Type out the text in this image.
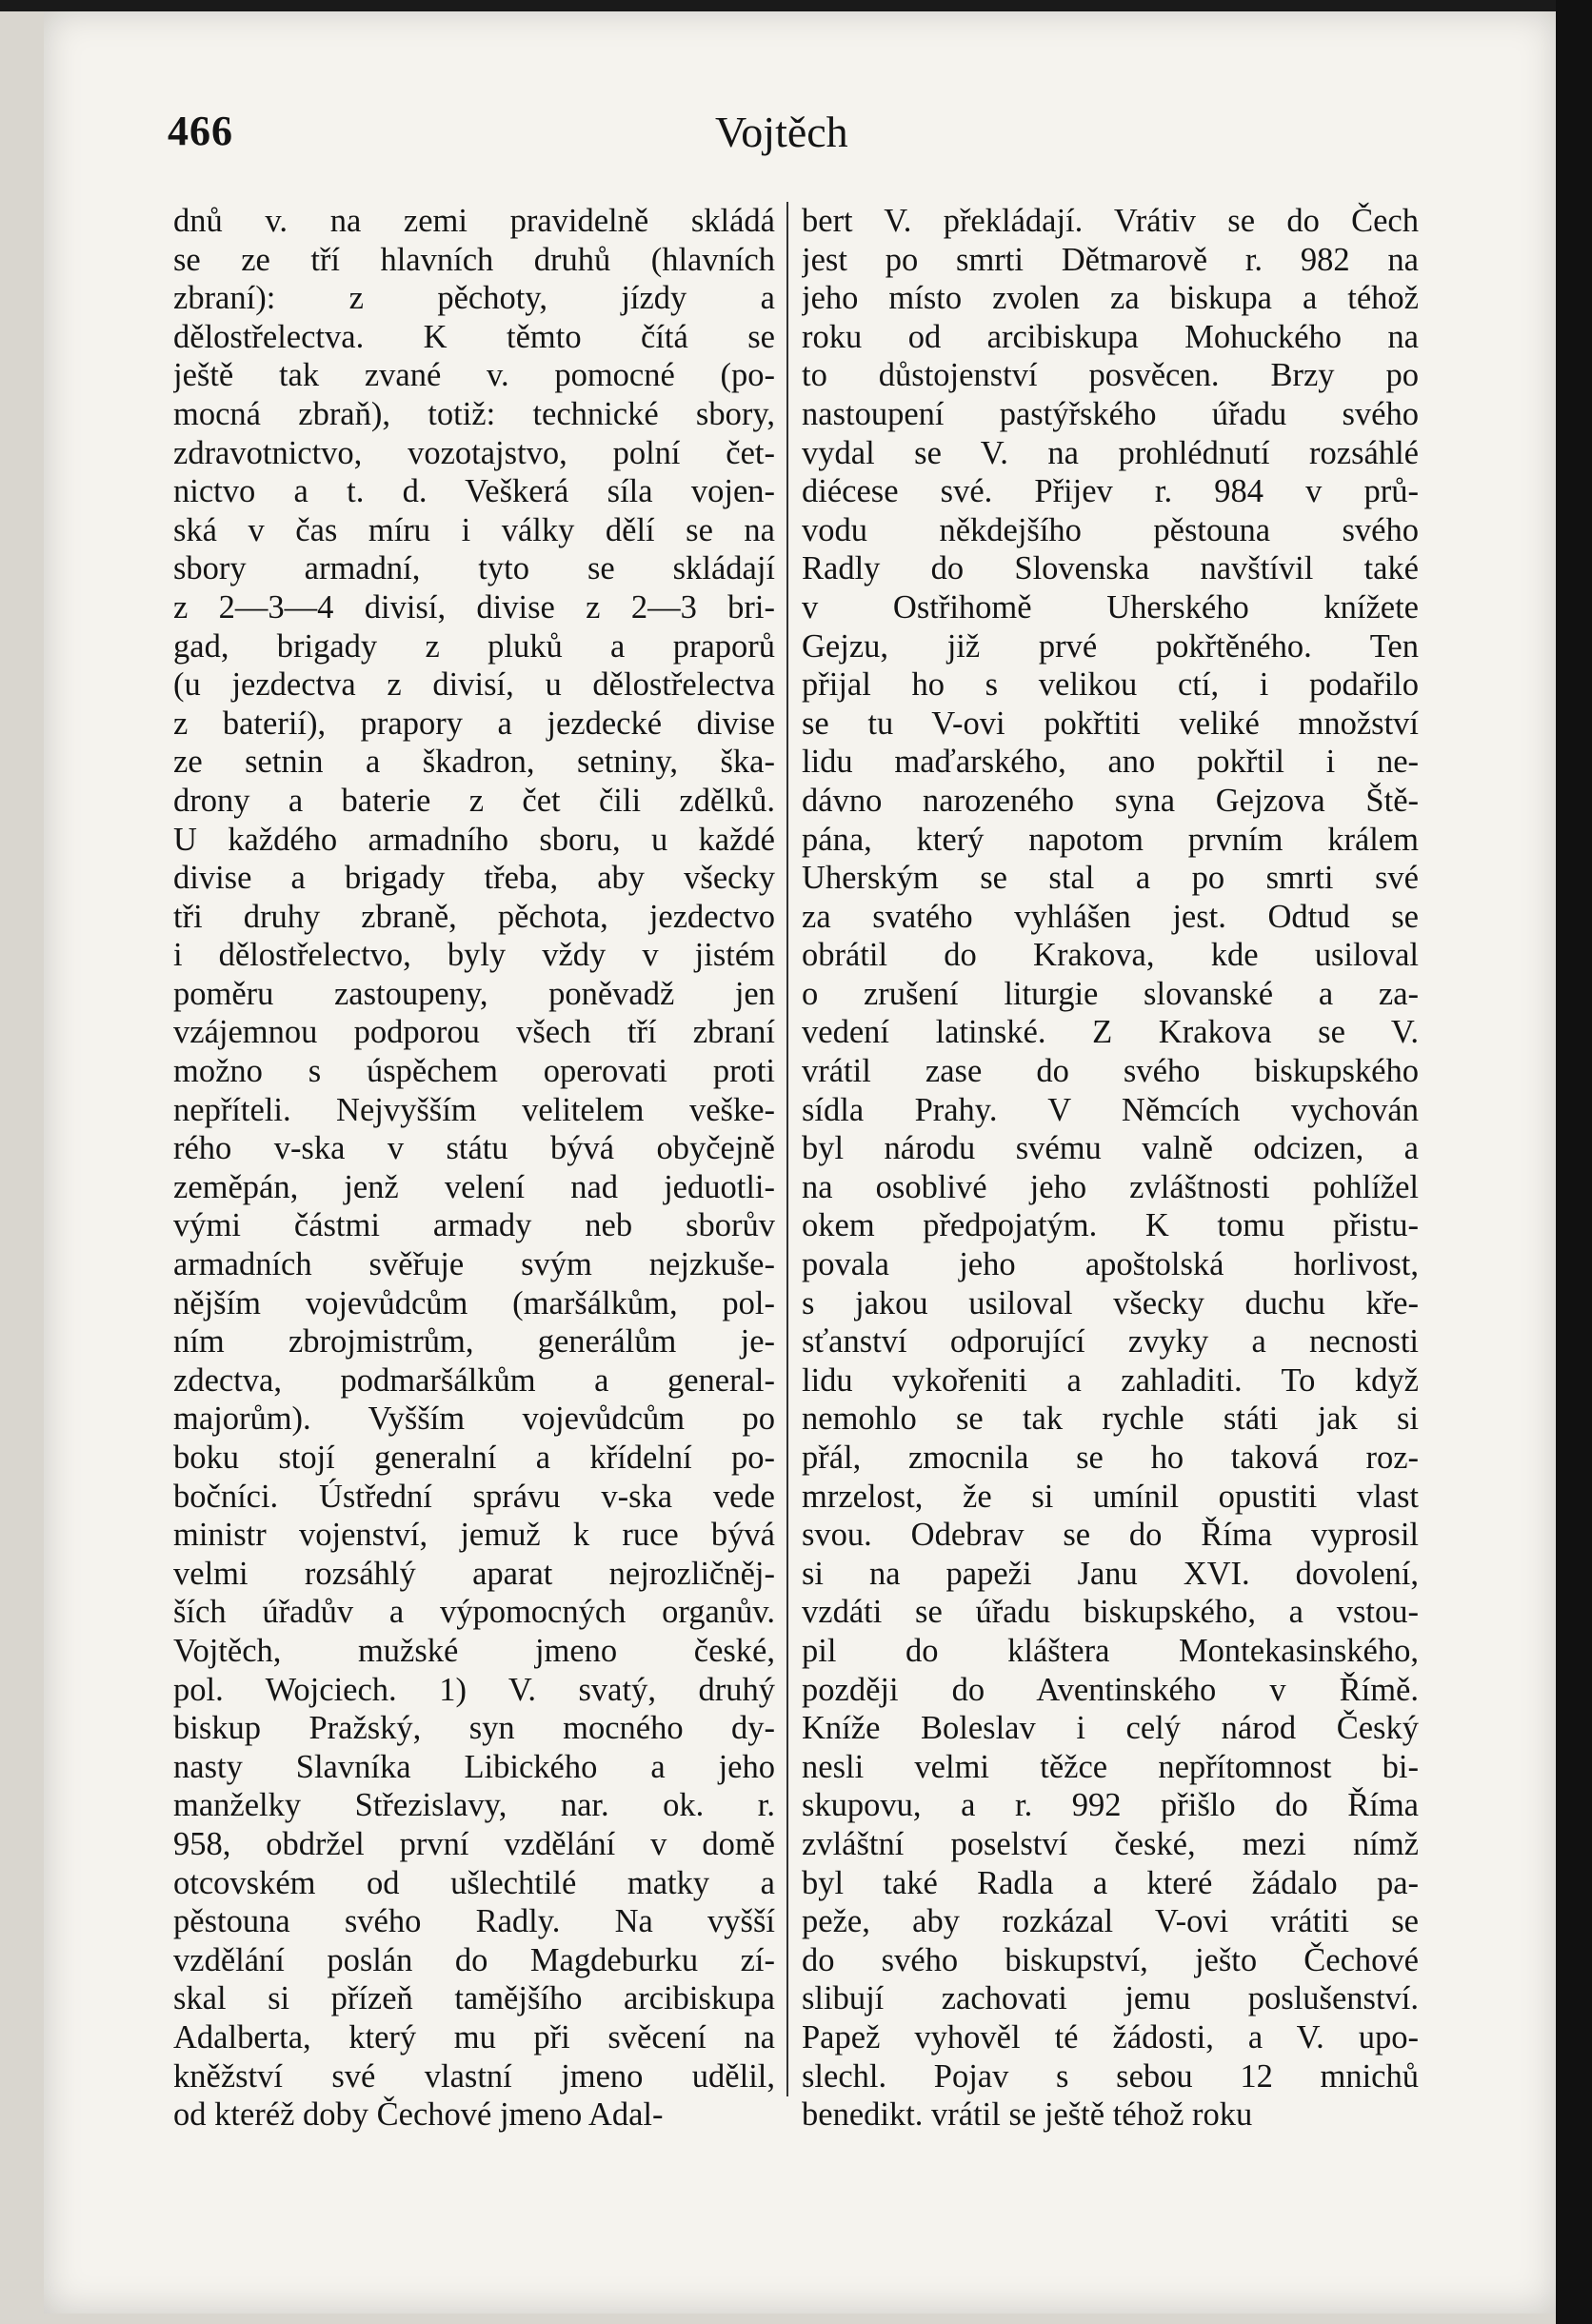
466	Vojtěch
dnů v. na zemi pravidelně skládá
se ze tří hlavních druhů (hlavních
zbraní): z pěchoty, jízdy a
dělostřelectva. K těmto čítá se
ještě tak zvané v. pomocné (po-
mocná zbraň), totiž: technické sbory,
zdravotnictvo, vozotajstvo, polní čet-
nictvo a t. d. Veškerá síla vojen-
ská v čas míru i války dělí se na
sbory armadní, tyto se skládají
z 2—3—4 divisí, divise z 2—3 bri-
gad, brigady z pluků a praporů
(u jezdectva z divisí, u dělostřelectva
z baterií), prapory a jezdecké divise
ze setnin a škadron, setniny, ška-
drony a baterie z čet čili zdělků.
U každého armadního sboru, u každé
divise a brigady třeba, aby všecky
tři druhy zbraně, pěchota, jezdectvo
i dělostřelectvo, byly vždy v jistém
poměru zastoupeny, poněvadž jen
vzájemnou podporou všech tří zbraní
možno s úspěchem operovati proti
nepříteli. Nejvyšším velitelem veške-
rého v-ska v státu bývá obyčejně
zeměpán, jenž velení nad jeduotli-
vými částmi armady neb sborův
armadních svěřuje svým nejzkuše-
nějším vojevůdcům (maršálkům, pol-
ním zbrojmistrům, generálům je-
zdectva, podmaršálkům a general-
majorům). Vyšším vojevůdcům po
boku stojí generalní a křídelní po-
bočníci. Ústřední správu v-ska vede
ministr vojenství, jemuž k ruce bývá
velmi rozsáhlý aparat nejrozličněj-
ších úřadův a výpomocných organův.
Vojtěch, mužské jmeno české,
pol. Wojciech. 1) V. svatý, druhý
biskup Pražský, syn mocného dy-
nasty Slavníka Libického a jeho
manželky Střezislavy, nar. ok. r.
958, obdržel první vzdělání v domě
otcovském od ušlechtilé matky a
pěstouna svého Radly. Na vyšší
vzdělání poslán do Magdeburku zí-
skal si přízeň tamějšího arcibiskupa
Adalberta, který mu při svěcení na
kněžství své vlastní jmeno udělil,
od kteréž doby Čechové jmeno Adal-
bert V. překládají. Vrátiv se do Čech
jest po smrti Dětmarově r. 982 na
jeho místo zvolen za biskupa a téhož
roku od arcibiskupa Mohuckého na
to důstojenství posvěcen. Brzy po
nastoupení pastýřského úřadu svého
vydal se V. na prohlédnutí rozsáhlé
diécese své. Přijev r. 984 v prů-
vodu někdejšího pěstouna svého
Radly do Slovenska navštívil také
v Ostřihomě Uherského knížete
Gejzu, již prvé pokřtěného. Ten
přijal ho s velikou ctí, i podařilo
se tu V-ovi pokřtiti veliké množství
lidu maďarského, ano pokřtil i ne-
dávno narozeného syna Gejzova Ště-
pána, který napotom prvním králem
Uherským se stal a po smrti své
za svatého vyhlášen jest. Odtud se
obrátil do Krakova, kde usiloval
o zrušení liturgie slovanské a za-
vedení latinské. Z Krakova se V.
vrátil zase do svého biskupského
sídla Prahy. V Němcích vychován
byl národu svému valně odcizen, a
na osoblivé jeho zvláštnosti pohlížel
okem předpojatým. K tomu přistu-
povala jeho apoštolská horlivost,
s jakou usiloval všecky duchu kře-
sťanství odporující zvyky a necnosti
lidu vykořeniti a zahladiti. To když
nemohlo se tak rychle státi jak si
přál, zmocnila se ho taková roz-
mrzelost, že si umínil opustiti vlast
svou. Odebrav se do Říma vyprosil
si na papeži Janu XVI. dovolení,
vzdáti se úřadu biskupského, a vstou-
pil do kláštera Montekasinského,
později do Aventinského v Římě.
Kníže Boleslav i celý národ Český
nesli velmi těžce nepřítomnost bi-
skupovu, a r. 992 přišlo do Říma
zvláštní poselství české, mezi nímž
byl také Radla a které žádalo pa-
peže, aby rozkázal V-ovi vrátiti se
do svého biskupství, ješto Čechové
slibují zachovati jemu poslušenství.
Papež vyhověl té žádosti, a V. upo-
slechl. Pojav s sebou 12 mnichů
benedikt. vrátil se ještě téhož roku
